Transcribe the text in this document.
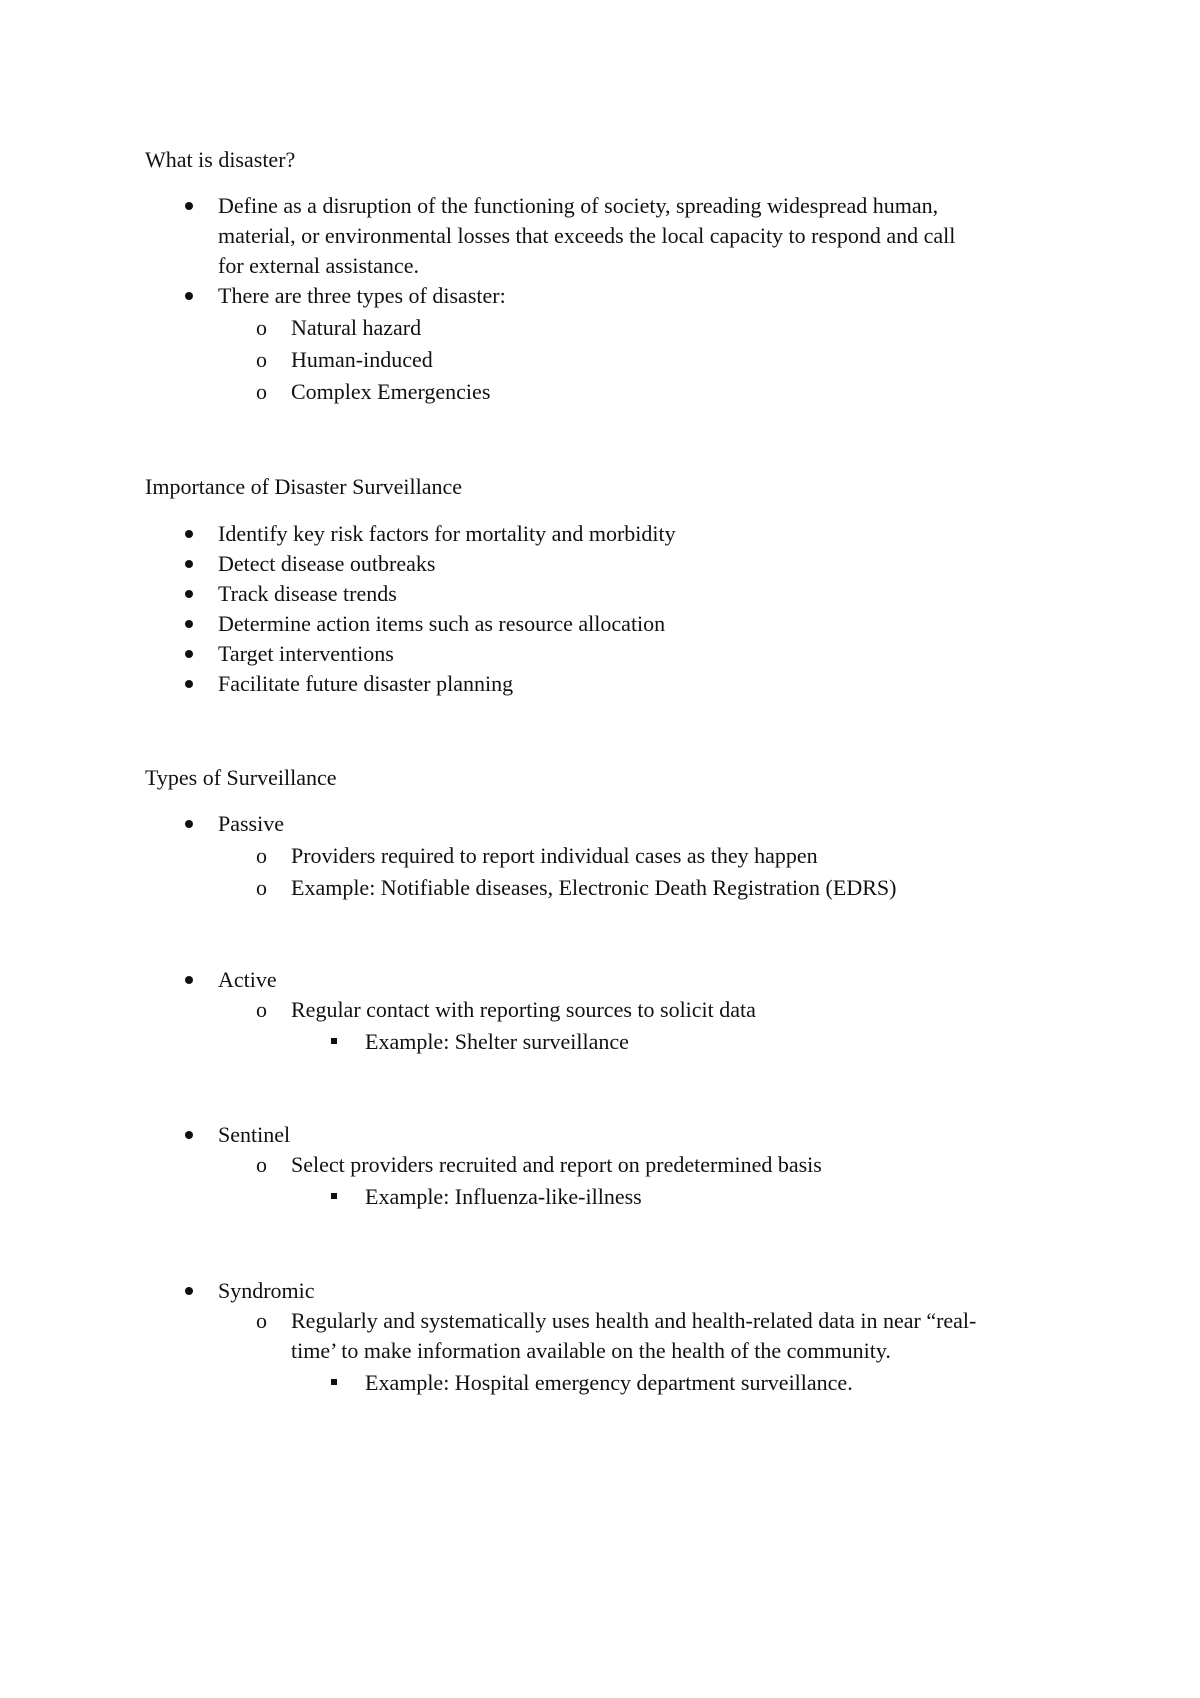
What is disaster?
Define as a disruption of the functioning of society, spreading widespread human,
material, or environmental losses that exceeds the local capacity to respond and call
for external assistance.
There are three types of disaster:
o Natural hazard
o Human-induced
o Complex Emergencies
Importance of Disaster Surveillance
Identify key risk factors for mortality and morbidity
Detect disease outbreaks
Track disease trends
Determine action items such as resource allocation
Target interventions
Facilitate future disaster planning
Types of Surveillance
Passive
o Providers required to report individual cases as they happen
o Example: Notifiable diseases, Electronic Death Registration (EDRS)
Active
o Regular contact with reporting sources to solicit data
Example: Shelter surveillance
Sentinel
o Select providers recruited and report on predetermined basis
Example: Influenza-like-illness
Syndromic
o Regularly and systematically uses health and health-related data in near “real-
time’ to make information available on the health of the community.
Example: Hospital emergency department surveillance.
